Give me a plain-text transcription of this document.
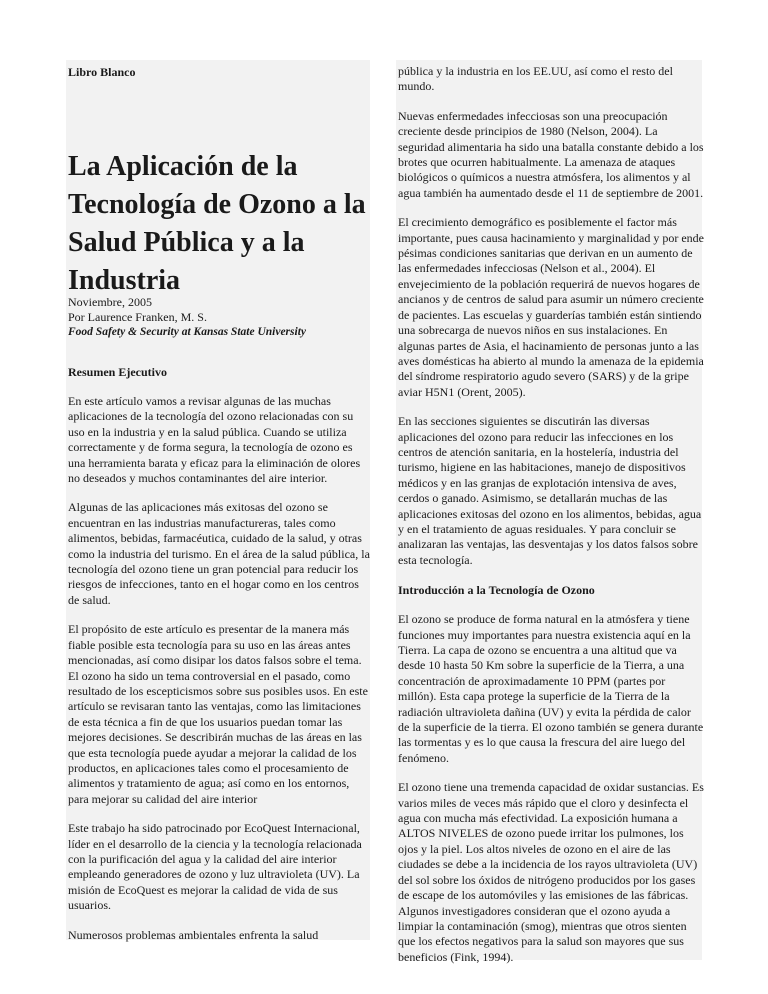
Libro Blanco
La Aplicación de la Tecnología de Ozono a la Salud Pública y a la Industria
Noviembre, 2005
Por Laurence Franken, M. S.
Food Safety & Security at Kansas State University
Resumen Ejecutivo

En este artículo vamos a revisar algunas de las muchas aplicaciones de la tecnología del ozono relacionadas con su uso en la industria y en la salud pública. Cuando se utiliza correctamente y de forma segura, la tecnología de ozono es una herramienta barata y eficaz para la eliminación de olores no deseados y muchos contaminantes del aire interior.

Algunas de las aplicaciones más exitosas del ozono se encuentran en las industrias manufactureras, tales como alimentos, bebidas, farmacéutica, cuidado de la salud, y otras como la industria del turismo. En el área de la salud pública, la tecnología del ozono tiene un gran potencial para reducir los riesgos de infecciones, tanto en el hogar como en los centros de salud.

El propósito de este artículo es presentar de la manera más fiable posible esta tecnología para su uso en las áreas antes mencionadas, así como disipar los datos falsos sobre el tema. El ozono ha sido un tema controversial en el pasado, como resultado de los escepticismos sobre sus posibles usos. En este artículo se revisaran tanto las ventajas, como las limitaciones de esta técnica a fin de que los usuarios puedan tomar las mejores decisiones. Se describirán muchas de las áreas en las que esta tecnología puede ayudar a mejorar la calidad de los productos, en aplicaciones tales como el procesamiento de alimentos y tratamiento de agua; así como en los entornos, para mejorar su calidad del aire interior

Este trabajo ha sido patrocinado por EcoQuest Internacional, líder en el desarrollo de la ciencia y la tecnología relacionada con la purificación del agua y la calidad del aire interior empleando generadores de ozono y luz ultravioleta (UV). La misión de EcoQuest es mejorar la calidad de vida de sus usuarios.

Numerosos problemas ambientales enfrenta la salud

pública y la industria en los EE.UU, así como el resto del mundo.

Nuevas enfermedades infecciosas son una preocupación creciente desde principios de 1980 (Nelson, 2004). La seguridad alimentaria ha sido una batalla constante debido a los brotes que ocurren habitualmente. La amenaza de ataques biológicos o químicos a nuestra atmósfera, los alimentos y al agua también ha aumentado desde el 11 de septiembre de 2001.

El crecimiento demográfico es posiblemente el factor más importante, pues causa hacinamiento y marginalidad y por ende pésimas condiciones sanitarias que derivan en un aumento de las enfermedades infecciosas (Nelson et al., 2004). El envejecimiento de la población requerirá de nuevos hogares de ancianos y de centros de salud para asumir un número creciente de pacientes. Las escuelas y guarderías también están sintiendo una sobrecarga de nuevos niños en sus instalaciones. En algunas partes de Asia, el hacinamiento de personas junto a las aves domésticas ha abierto al mundo la amenaza de la epidemia del síndrome respiratorio agudo severo (SARS) y de la gripe aviar H5N1 (Orent, 2005).

En las secciones siguientes se discutirán las diversas aplicaciones del ozono para reducir las infecciones en los centros de atención sanitaria, en la hostelería, industria del turismo, higiene en las habitaciones, manejo de dispositivos médicos y en las granjas de explotación intensiva de aves, cerdos o ganado. Asimismo, se detallarán muchas de las aplicaciones exitosas del ozono en los alimentos, bebidas, agua y en el tratamiento de aguas residuales. Y para concluir se analizaran las ventajas, las desventajas y los datos falsos sobre esta tecnología.

Introducción a la Tecnología de Ozono

El ozono se produce de forma natural en la atmósfera y tiene funciones muy importantes para nuestra existencia aquí en la Tierra. La capa de ozono se encuentra a una altitud que va desde 10 hasta 50 Km sobre la superficie de la Tierra, a una concentración de aproximadamente 10 PPM (partes por millón). Esta capa protege la superficie de la Tierra de la radiación ultravioleta dañina (UV) y evita la pérdida de calor de la superficie de la tierra. El ozono también se genera durante las tormentas y es lo que causa la frescura del aire luego del fenómeno.

El ozono tiene una tremenda capacidad de oxidar sustancias. Es varios miles de veces más rápido que el cloro y desinfecta el agua con mucha más efectividad. La exposición humana a ALTOS NIVELES de ozono puede irritar los pulmones, los ojos y la piel. Los altos niveles de ozono en el aire de las ciudades se debe a la incidencia de los rayos ultravioleta (UV) del sol sobre los óxidos de nitrógeno producidos por los gases de escape de los automóviles y las emisiones de las fábricas. Algunos investigadores consideran que el ozono ayuda a limpiar la contaminación (smog), mientras que otros sienten que los efectos negativos para la salud son mayores que sus beneficios (Fink, 1994).
